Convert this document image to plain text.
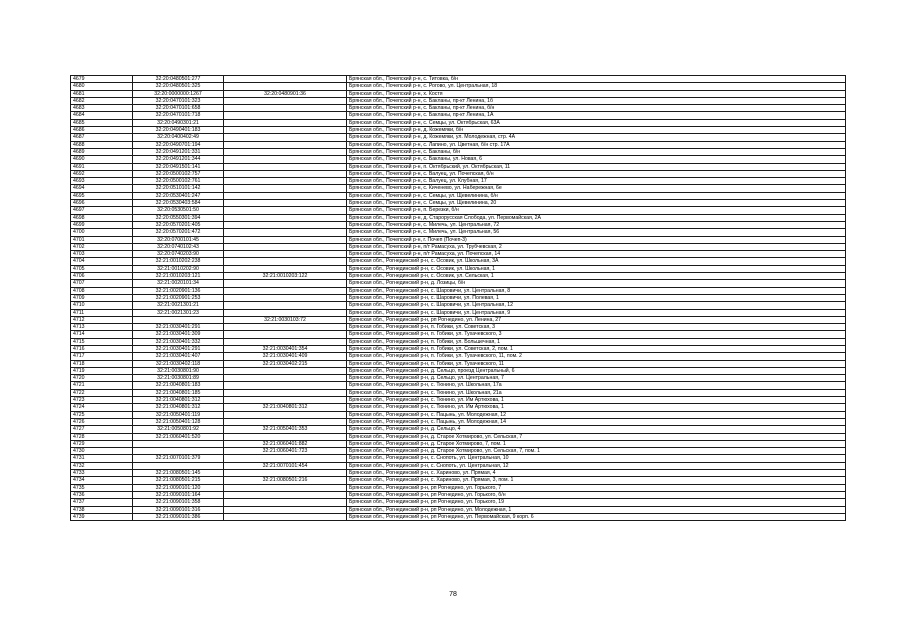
4679	32:20:0480501:277		Брянская обл., Почепский р-н, с. Титовка, б/н
4680	32:20:0480501:325		Брянская обл., Почепский р-н, с. Рогово, ул. Центральная, 18
4681	32:20:0000000:1267	32:20:0480901:36	Брянская обл., Почепский р-н, х. Костя
4682	32:20:0470101:323		Брянская обл., Почепский р-н, с. Бакланы, пр-кт Ленина, 1б
4683	32:20:0470101:658		Брянская обл., Почепский р-н, с. Бакланы, пр-кт Ленина, б/н
4684	32:20:0470101:718		Брянская обл., Почепский р-н, с. Бакланы, пр-кт Ленина, 1А
4685	32:20:0490301:21		Брянская обл., Почепский р-н, с. Семцы, ул. Октябрьская, 63А
4686	32:20:0490401:183		Брянская обл., Почепский р-н, д. Кожемяки, б/н
4687	32:20:0400402:49		Брянская обл., Почепский р-н, д. Кожемяки, ул. Молодежная, стр. 4А
4688	32:20:0490701:194		Брянская обл., Почепский р-н, с. Лапино, ул. Цветная, б/н стр. 17А
4689	32:20:0491201:331		Брянская обл., Почепский р-н, с. Бакланы, б/н
4690	32:20:0491201:344		Брянская обл., Почепский р-н, с. Бакланы, ул. Новая, 6
4691	32:20:0491501:141		Брянская обл., Почепский р-н, п. Октябрьский, ул. Октябрьская, 11
4692	32:20:0500102:757		Брянская обл., Почепский р-н, с. Валуец, ул. Почепская, б/н
4693	32:20:0500102:761		Брянская обл., Почепский р-н, с. Валуец, ул. Клубная, 17
4694	32:20:0510101:142		Брянская обл., Почепский р-н, с. Киченево, ул. Набережная, 6е
4695	32:20:0530401:247		Брянская обл., Почепский р-н, с. Семцы, ул. Щевелинина, б/н
4696	32:20:0530403:584		Брянская обл., Почепский р-н, с. Семцы, ул. Щевелинина, 20
4697	32:20:0530501:50		Брянская обл., Почепский р-н, п. Березки, б/н
4698	32:20:0550301:394		Брянская обл., Почепский р-н, д. Старорусская Слобода, ул. Первомайская, 2А
4699	32:20:0570201:405		Брянская обл., Почепский р-н, с. Милечь, ул. Центральная, 72
4700	32:20:0570201:472		Брянская обл., Почепский р-н, с. Милечь, ул. Центральная, 56
4701	32:20:0700101:45		Брянская обл., Почепский р-н, г. Почеп (Почеп-3)
4702	32:20:0740102:43		Брянская обл., Почепский р-н, п/т Рамасуха, ул. Трубчевская, 2
4703	32:20:0740203:90		Брянская обл., Почепский р-н, п/т Рамасуха, ул. Почепская, 14
4704	32:21:0010202:238		Брянская обл., Рогнединский р-н, с. Осовик, ул. Школьная, 3А
4705	32:21:0010202:90		Брянская обл., Рогнединский р-н, с. Осовик, ул. Школьная, 1
4706	32:21:0010203:121	32:21:0010203:122	Брянская обл., Рогнединский р-н, с. Осовик, ул. Сельская, 1
4707	32:21:0020101:34		Брянская обл., Рогнединский р-н, д. Лозицы, б/н
4708	32:21:0020901:136		Брянская обл., Рогнединский р-н, с. Шаровичи, ул. Центральная, 8
4709	32:21:0020901:253		Брянская обл., Рогнединский р-н, с. Шаровичи, ул. Полевая, 1
4710	32:21:0021301:21		Брянская обл., Рогнединский р-н, с. Шаровичи, ул. Центральная, 12
4711	32:21:0021301:23		Брянская обл., Рогнединский р-н, с. Шаровичи, ул. Центральная, 9
4712		32:21:0030103:72	Брянская обл., Рогнединский р-н, рп Рогнедино, ул. Ленина, 27
4713	32:21:0030401:291		Брянская обл., Рогнединский р-н, п. Гобики, ул. Советская, 3
4714	32:21:0030401:309		Брянская обл., Рогнединский р-н, п. Гобики, ул. Тухачевского, 3
4715	32:21:0030401:332		Брянская обл., Рогнединский р-н, п. Гобики, ул. Большечная, 1
4716	32:21:0030401:291	32:21:0030401:354	Брянская обл., Рогнединский р-н, п. Гобики, ул. Советская, 2, пом. 1
4717	32:21:0030401:407	32:21:0030401:409	Брянская обл., Рогнединский р-н, п. Гобики, ул. Тухачевского, 11, пом. 2
4718	32:21:0030402:118	32:21:0030402:215	Брянская обл., Рогнединский р-н, п. Гобики, ул. Тухачевского, 11
4719	32:21:0030801:90		Брянская обл., Рогнединский р-н, д. Сельцо, проезд Центральный, 6
4720	32:21:0030801:89		Брянская обл., Рогнединский р-н, д. Сельцо, ул. Центральная, 7
4721	32:21:0040801:183		Брянская обл., Рогнединский р-н, с. Тюнино, ул. Школьная, 17а
4722	32:21:0040801:185		Брянская обл., Рогнединский р-н, с. Тюнино, ул. Школьная, 21а
4723	32:21:0040801:312		Брянская обл., Рогнединский р-н, с. Тюнино, ул. Им Артюхова, 1
4724	32:21:0040801:312	32:21:0040801:312	Брянская обл., Рогнединский р-н, с. Тюнино, ул. Им Артюхова, 1
4725	32:21:0050401:119		Брянская обл., Рогнединский р-н, с. Пацынь, ул. Молодежная, 12
4726	32:21:0050401:128		Брянская обл., Рогнединский р-н, с. Пацынь, ул. Молодежная, 14
4727	32:21:0050801:92	32:21:0050401:353	Брянская обл., Рогнединский р-н, д. Сельцо, 4
4728	32:21:0060401:520		Брянская обл., Рогнединский р-н, д. Старое Хотмирово, ул. Сельская, 7
4729		32:21:0060401:882	Брянская обл., Рогнединский р-н, д. Старое Хотмирово, 7, пом. 1
4730		32:21:0060401:723	Брянская обл., Рогнединский р-н, д. Старое Хотмирово, ул. Сельская, 7, пом. 1
4731	32:21:0070101:379		Брянская обл., Рогнединский р-н, с. Снопоть, ул. Центральная, 10
4732		32:21:0070101:454	Брянская обл., Рогнединский р-н, с. Снопоть, ул. Центральная, 12
4733	32:21:0080501:145		Брянская обл., Рогнединский р-н, с. Хариново, ул. Прямая, 4
4734	32:21:0080501:215	32:21:0080501:216	Брянская обл., Рогнединский р-н, с. Хариново, ул. Прямая, 3, пом. 1
4735	32:21:0090101:120		Брянская обл., Рогнединский р-н, рп Рогнедино, ул. Горького, 7
4736	32:21:0090101:164		Брянская обл., Рогнединский р-н, рп Рогнедино, ул. Горького, б/н
4737	32:21:0090101:358		Брянская обл., Рогнединский р-н, рп Рогнедино, ул. Горького, 19
4738	32:21:0090101:316		Брянская обл., Рогнединский р-н, рп Рогнедино, ул. Молодежная, 1
4739	32:21:0090101:386		Брянская обл., Рогнединский р-н, рп Рогнедино, ул. Первомайская, 9 корп. 6
78
